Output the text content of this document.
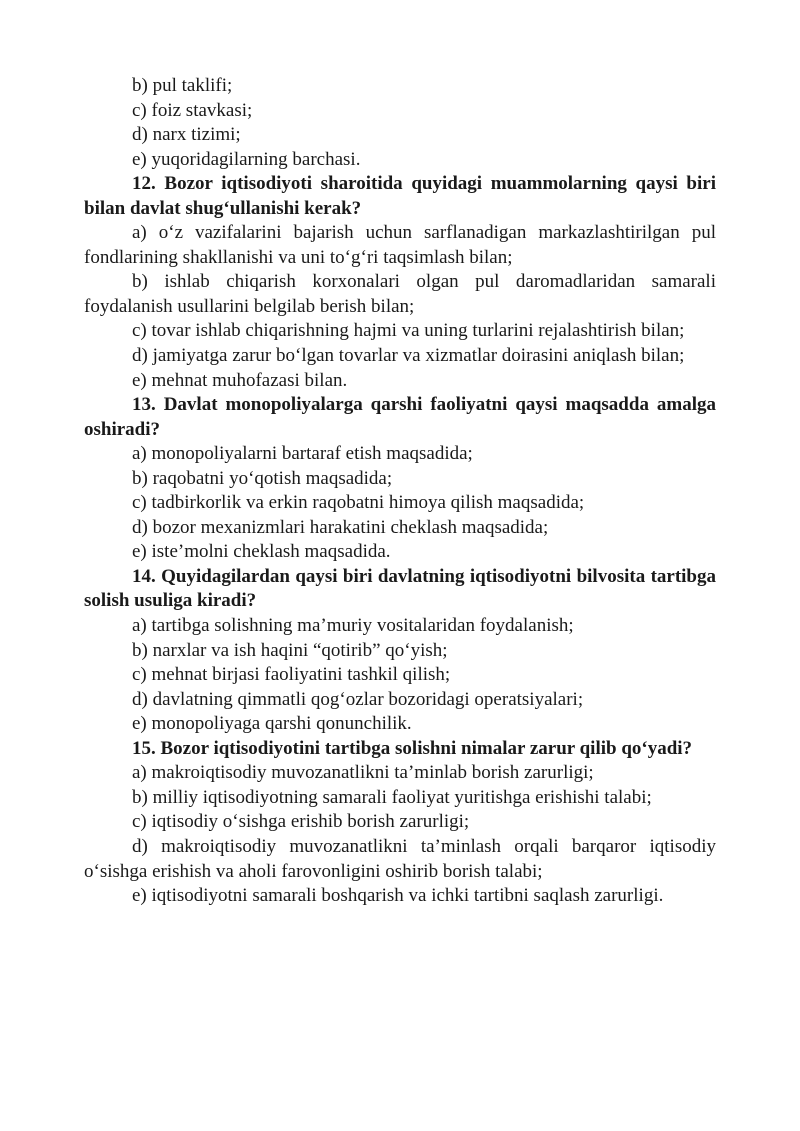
b) pul taklifi;

c) foiz stavkasi;

d) narx tizimi;

e) yuqoridagilarning barchasi.

12. Bozor iqtisodiyoti sharoitida quyidagi muammolarning qaysi biri bilan davlat shug‘ullanishi kerak?

a) o‘z vazifalarini bajarish uchun sarflanadigan markazlashtirilgan pul fondlarining shakllanishi va uni to‘g‘ri taqsimlash bilan;

b) ishlab chiqarish korxonalari olgan pul daromadlaridan samarali foydalanish usullarini belgilab berish bilan;

c) tovar ishlab chiqarishning hajmi va uning turlarini rejalashtirish bilan;

d) jamiyatga zarur bo‘lgan tovarlar va xizmatlar doirasini aniqlash bilan;

e) mehnat muhofazasi bilan.

13. Davlat monopoliyalarga qarshi faoliyatni qaysi maqsadda amalga oshiradi?

a) monopoliyalarni bartaraf etish maqsadida;

b) raqobatni yo‘qotish maqsadida;

c) tadbirkorlik va erkin raqobatni himoya qilish maqsadida;

d) bozor mexanizmlari harakatini cheklash maqsadida;

e) iste’molni cheklash maqsadida.

14. Quyidagilardan qaysi biri davlatning iqtisodiyotni bilvosita tartibga solish usuliga kiradi?

a) tartibga solishning ma’muriy vositalaridan foydalanish;

b) narxlar va ish haqini “qotirib” qo‘yish;

c) mehnat birjasi faoliyatini tashkil qilish;

d) davlatning qimmatli qog‘ozlar bozoridagi operatsiyalari;

e) monopoliyaga qarshi qonunchilik.

15. Bozor iqtisodiyotini tartibga solishni nimalar zarur qilib qo‘yadi?

a) makroiqtisodiy muvozanatlikni ta’minlab borish zarurligi;

b) milliy iqtisodiyotning samarali faoliyat yuritishga erishishi talabi;

c) iqtisodiy o‘sishga erishib borish zarurligi;

d) makroiqtisodiy muvozanatlikni ta’minlash orqali barqaror iqtisodiy o‘sishga erishish va aholi farovonligini oshirib borish talabi;

e) iqtisodiyotni samarali boshqarish va ichki tartibni saqlash zarurligi.
